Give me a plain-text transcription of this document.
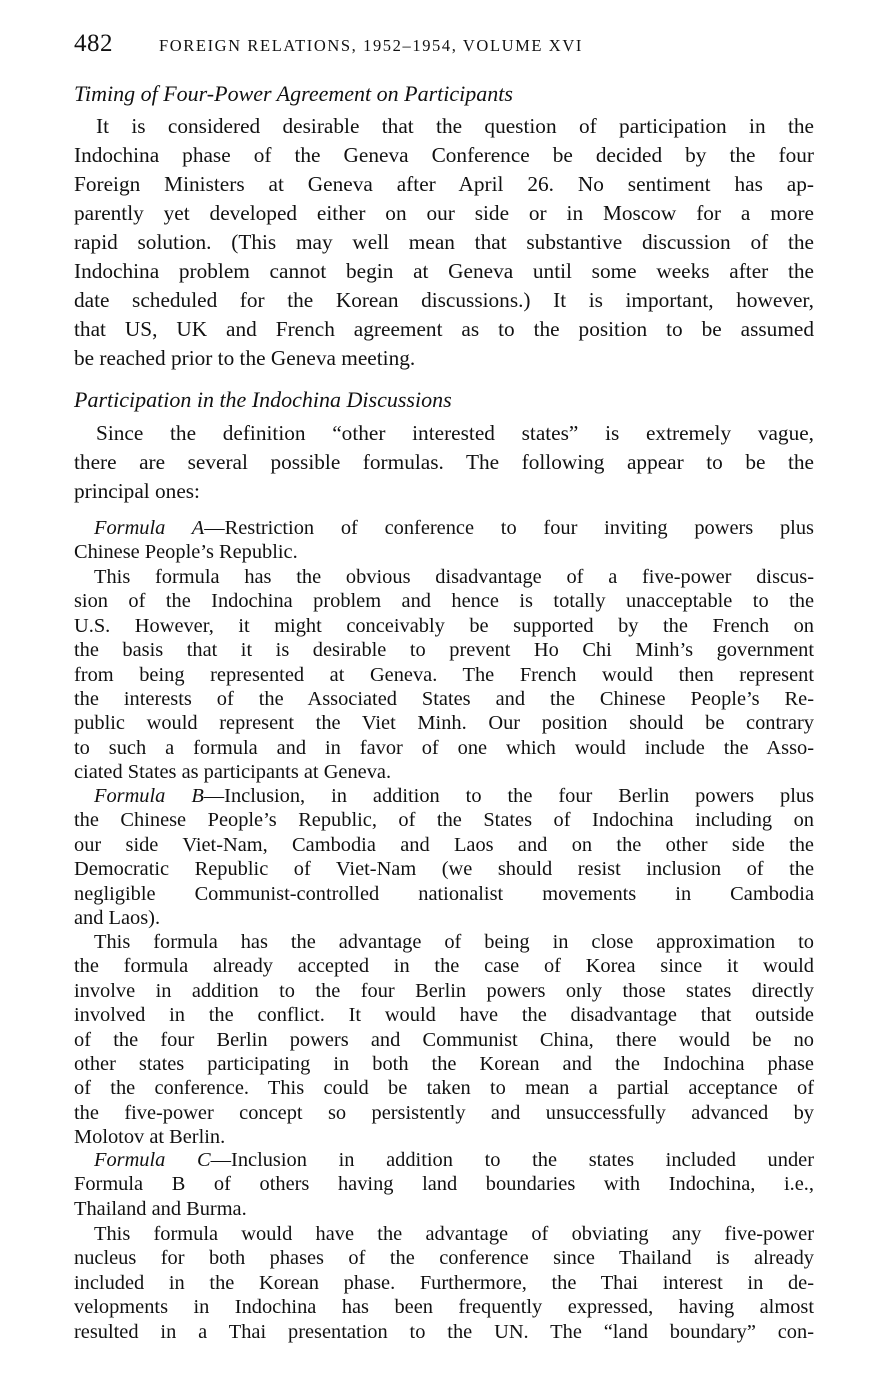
482	FOREIGN RELATIONS, 1952–1954, VOLUME XVI
Timing of Four-Power Agreement on Participants
It is considered desirable that the question of participation in the
Indochina phase of the Geneva Conference be decided by the four
Foreign Ministers at Geneva after April 26. No sentiment has ap-
parently yet developed either on our side or in Moscow for a more
rapid solution. (This may well mean that substantive discussion of the
Indochina problem cannot begin at Geneva until some weeks after the
date scheduled for the Korean discussions.) It is important, however,
that US, UK and French agreement as to the position to be assumed
be reached prior to the Geneva meeting.
Participation in the Indochina Discussions
Since the definition “other interested states” is extremely vague,
there are several possible formulas. The following appear to be the
principal ones:
Formula A—Restriction of conference to four inviting powers plus
Chinese People’s Republic.
This formula has the obvious disadvantage of a five-power discus-
sion of the Indochina problem and hence is totally unacceptable to the
U.S. However, it might conceivably be supported by the French on
the basis that it is desirable to prevent Ho Chi Minh’s government
from being represented at Geneva. The French would then represent
the interests of the Associated States and the Chinese People’s Re-
public would represent the Viet Minh. Our position should be contrary
to such a formula and in favor of one which would include the Asso-
ciated States as participants at Geneva.
Formula B—Inclusion, in addition to the four Berlin powers plus
the Chinese People’s Republic, of the States of Indochina including on
our side Viet-Nam, Cambodia and Laos and on the other side the
Democratic Republic of Viet-Nam (we should resist inclusion of the
negligible Communist-controlled nationalist movements in Cambodia
and Laos).
This formula has the advantage of being in close approximation to
the formula already accepted in the case of Korea since it would
involve in addition to the four Berlin powers only those states directly
involved in the conflict. It would have the disadvantage that outside
of the four Berlin powers and Communist China, there would be no
other states participating in both the Korean and the Indochina phase
of the conference. This could be taken to mean a partial acceptance of
the five-power concept so persistently and unsuccessfully advanced by
Molotov at Berlin.
Formula C—Inclusion in addition to the states included under
Formula B of others having land boundaries with Indochina, i.e.,
Thailand and Burma.
This formula would have the advantage of obviating any five-power
nucleus for both phases of the conference since Thailand is already
included in the Korean phase. Furthermore, the Thai interest in de-
velopments in Indochina has been frequently expressed, having almost
resulted in a Thai presentation to the UN. The “land boundary” con-
